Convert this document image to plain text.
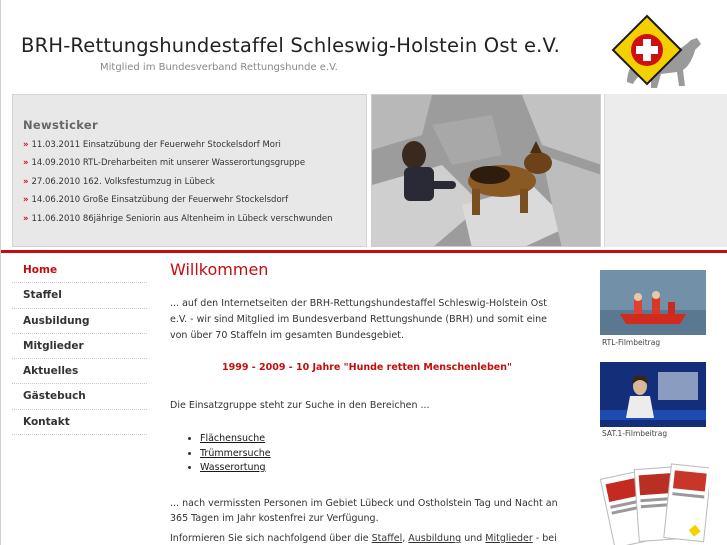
BRH-Rettungshundestaffel Schleswig-Holstein Ost e.V.
Mitglied im Bundesverband Rettungshunde e.V.
Newsticker
» 11.03.2011 Einsatzübung der Feuerwehr Stockelsdorf Mori
» 14.09.2010 RTL-Dreharbeiten mit unserer Wasserortungsgruppe
» 27.06.2010 162. Volksfestumzug in Lübeck
» 14.06.2010 Große Einsatzübung der Feuerwehr Stockelsdorf
» 11.06.2010 86jährige Seniorin aus Altenheim in Lübeck verschwunden
Home
Staffel
Ausbildung
Mitglieder
Aktuelles
Gästebuch
Kontakt
Willkommen

... auf den Internetseiten der BRH-Rettungshundestaffel Schleswig-Holstein Ost e.V. - wir sind Mitglied im Bundesverband Rettungshunde (BRH) und somit eine von über 70 Staffeln im gesamten Bundesgebiet.

1999 - 2009 - 10 Jahre "Hunde retten Menschenleben"

Die Einsatzgruppe steht zur Suche in den Bereichen ...

• Flächensuche
• Trümmersuche
• Wasserortung

... nach vermissten Personen im Gebiet Lübeck und Ostholstein Tag und Nacht an 365 Tagen im Jahr kostenfrei zur Verfügung.

Informieren Sie sich nachfolgend über die Staffel, Ausbildung und Mitglieder - bei

RTL-Filmbeitrag
SAT.1-Filmbeitrag
